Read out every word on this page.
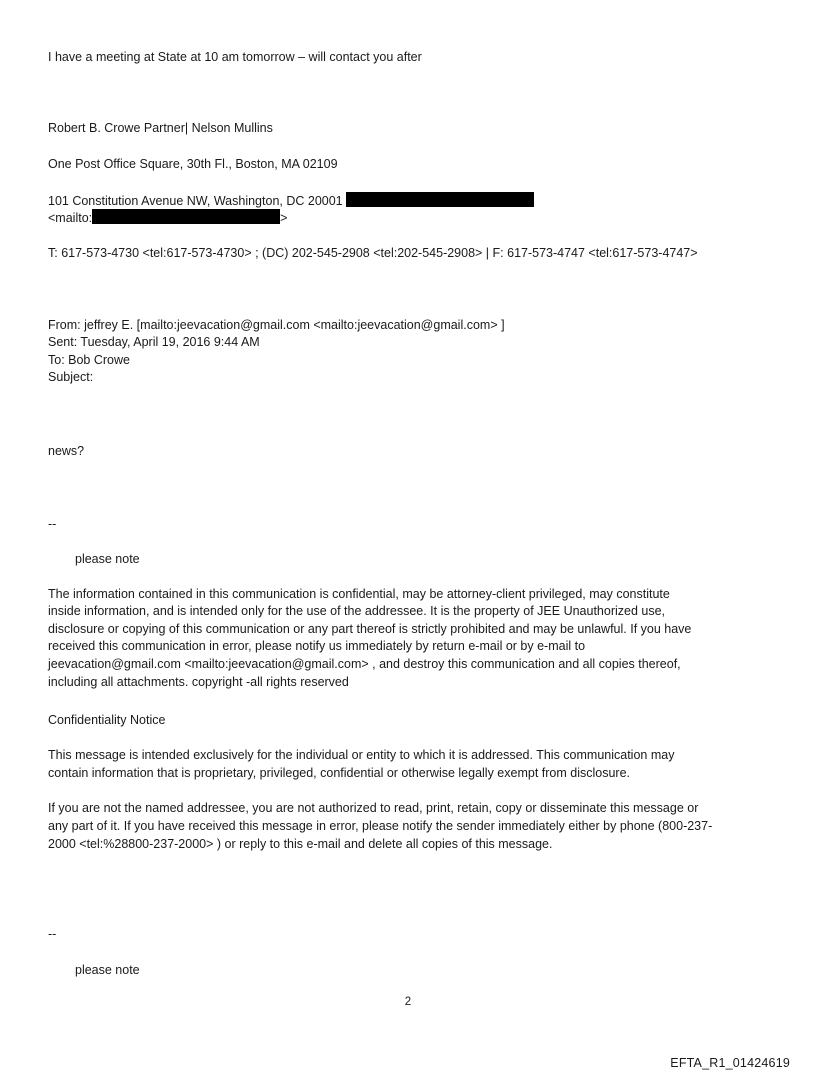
I have a meeting at State at 10 am tomorrow – will contact you after
Robert B. Crowe Partner| Nelson Mullins
One Post Office Square, 30th Fl., Boston, MA 02109
101 Constitution Avenue NW, Washington, DC 20001
<mailto:	>
T: 617-573-4730 <tel:617-573-4730> ; (DC) 202-545-2908 <tel:202-545-2908> | F: 617-573-4747 <tel:617-573-4747>
From: jeffrey E. [mailto:jeevacation@gmail.com <mailto:jeevacation@gmail.com> ]
Sent: Tuesday, April 19, 2016 9:44 AM
To: Bob Crowe
Subject:
news?
--
please note
The information contained in this communication is confidential, may be attorney-client privileged, may constitute
inside information, and is intended only for the use of the addressee. It is the property of JEE Unauthorized use,
disclosure or copying of this communication or any part thereof is strictly prohibited and may be unlawful. If you have
received this communication in error, please notify us immediately by return e-mail or by e-mail to
jeevacation@gmail.com <mailto:jeevacation@gmail.com> , and destroy this communication and all copies thereof,
including all attachments. copyright -all rights reserved
Confidentiality Notice
This message is intended exclusively for the individual or entity to which it is addressed. This communication may
contain information that is proprietary, privileged, confidential or otherwise legally exempt from disclosure.
If you are not the named addressee, you are not authorized to read, print, retain, copy or disseminate this message or
any part of it. If you have received this message in error, please notify the sender immediately either by phone (800-237-
2000 <tel:%28800-237-2000> ) or reply to this e-mail and delete all copies of this message.
--
please note
2
EFTA_R1_01424619
